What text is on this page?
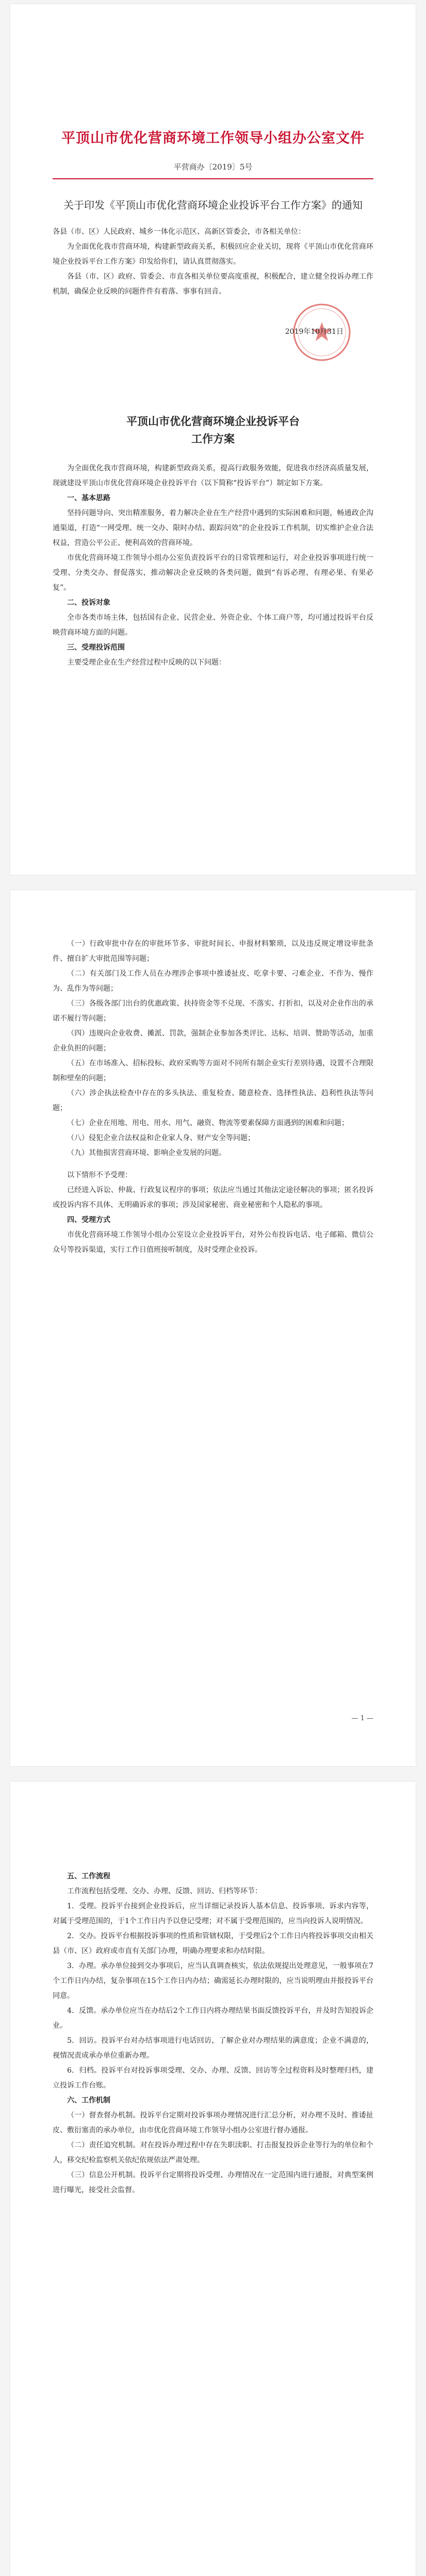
平顶山市优化营商环境工作领导小组办公室文件
平营商办〔2019〕5号
关于印发《平顶山市优化营商环境企业投诉平台工作方案》的通知
各县（市、区）人民政府、城乡一体化示范区、高新区管委会，市各相关单位：

为全面优化我市营商环境，构建新型政商关系，积极回应企业关切，现将《平顶山市优化营商环境企业投诉平台工作方案》印发给你们，请认真贯彻落实。

各县（市、区）政府、管委会、市直各相关单位要高度重视，积极配合，建立健全投诉办理工作机制，确保企业反映的问题件件有着落、事事有回音。

2019年10月31日
平顶山市优化营商环境企业投诉平台
工作方案

为全面优化我市营商环境，构建新型政商关系，提高行政服务效能，促进我市经济高质量发展，现就建设平顶山市优化营商环境企业投诉平台（以下简称“投诉平台”）制定如下方案。

一、基本思路

坚持问题导向、突出精准服务，着力解决企业在生产经营中遇到的实际困难和问题，畅通政企沟通渠道，打造“一网受理、统一交办、限时办结、跟踪问效”的企业投诉工作机制，切实维护企业合法权益，营造公平公正、便利高效的营商环境。

市优化营商环境工作领导小组办公室负责投诉平台的日常管理和运行，对企业投诉事项进行统一受理、分类交办、督促落实，推动解决企业反映的各类问题，做到“有诉必理、有理必果、有果必复”。

二、投诉对象

全市各类市场主体，包括国有企业、民营企业、外资企业、个体工商户等，均可通过投诉平台反映营商环境方面的问题。

三、受理投诉范围

主要受理企业在生产经营过程中反映的以下问题：

（一）行政审批中存在的审批环节多、审批时间长、申报材料繁琐，以及违反规定增设审批条件、擅自扩大审批范围等问题；

（二）有关部门及工作人员在办理涉企事项中推诿扯皮、吃拿卡要、刁难企业、不作为、慢作为、乱作为等问题；

（三）各级各部门出台的优惠政策、扶持资金等不兑现、不落实、打折扣，以及对企业作出的承诺不履行等问题；

（四）违规向企业收费、摊派、罚款，强制企业参加各类评比、达标、培训、赞助等活动，加重企业负担的问题；

（五）在市场准入、招标投标、政府采购等方面对不同所有制企业实行差别待遇，设置不合理限制和壁垒的问题；

（六）涉企执法检查中存在的多头执法、重复检查、随意检查、选择性执法、趋利性执法等问题；

（七）企业在用地、用电、用水、用气、融资、物流等要素保障方面遇到的困难和问题；

（八）侵犯企业合法权益和企业家人身、财产安全等问题；

（九）其他损害营商环境、影响企业发展的问题。

以下情形不予受理：

已经进入诉讼、仲裁、行政复议程序的事项；依法应当通过其他法定途径解决的事项；匿名投诉或投诉内容不具体、无明确诉求的事项；涉及国家秘密、商业秘密和个人隐私的事项。

四、受理方式

市优化营商环境工作领导小组办公室设立企业投诉平台，对外公布投诉电话、电子邮箱、微信公众号等投诉渠道，实行工作日值班接听制度，及时受理企业投诉。

— 1 —

五、工作流程

工作流程包括受理、交办、办理、反馈、回访、归档等环节：

1．受理。投诉平台接到企业投诉后，应当详细记录投诉人基本信息、投诉事项、诉求内容等，对属于受理范围的，于1个工作日内予以登记受理；对不属于受理范围的，应当向投诉人说明情况。

2．交办。投诉平台根据投诉事项的性质和管辖权限，于受理后2个工作日内将投诉事项交由相关县（市、区）政府或市直有关部门办理，明确办理要求和办结时限。

3．办理。承办单位接到交办事项后，应当认真调查核实，依法依规提出处理意见，一般事项在7个工作日内办结，复杂事项在15个工作日内办结；确需延长办理时限的，应当说明理由并报投诉平台同意。

4．反馈。承办单位应当在办结后2个工作日内将办理结果书面反馈投诉平台，并及时告知投诉企业。

5．回访。投诉平台对办结事项进行电话回访，了解企业对办理结果的满意度；企业不满意的，视情况责成承办单位重新办理。

6．归档。投诉平台对投诉事项受理、交办、办理、反馈、回访等全过程资料及时整理归档，建立投诉工作台账。

六、工作机制

（一）督查督办机制。投诉平台定期对投诉事项办理情况进行汇总分析，对办理不及时、推诿扯皮、敷衍塞责的承办单位，由市优化营商环境工作领导小组办公室进行督办通报。

（二）责任追究机制。对在投诉办理过程中存在失职渎职、打击报复投诉企业等行为的单位和个人，移交纪检监察机关依纪依规依法严肃处理。

（三）信息公开机制。投诉平台定期将投诉受理、办理情况在一定范围内进行通报，对典型案例进行曝光，接受社会监督。
